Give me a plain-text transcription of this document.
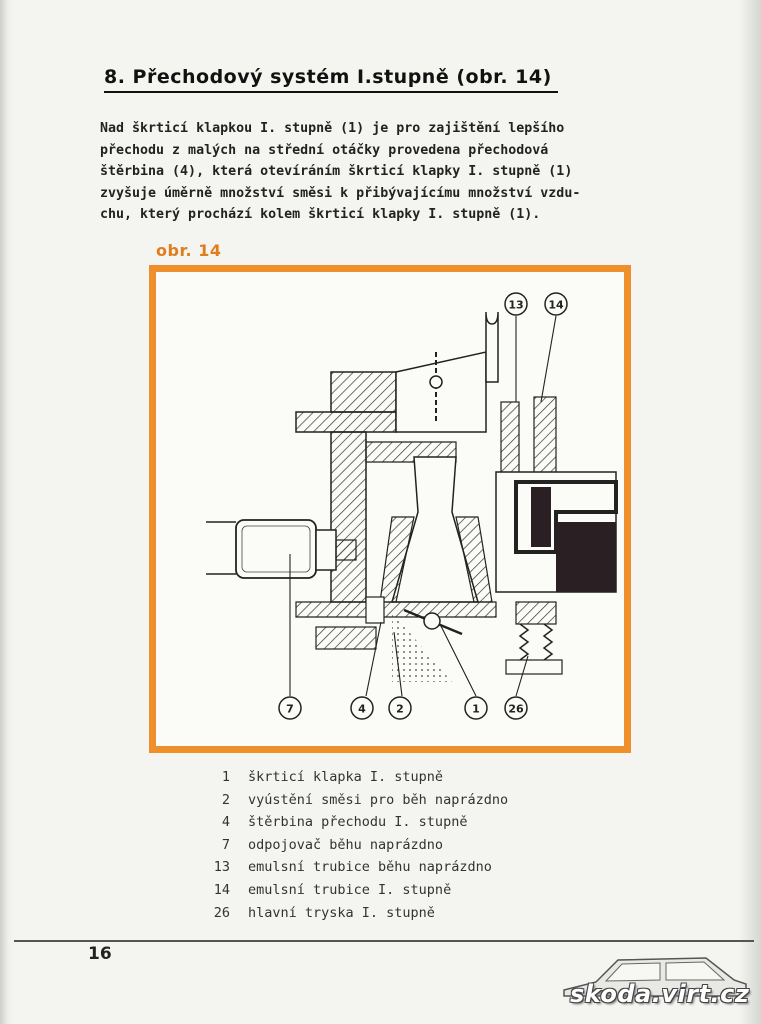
8. Přechodový systém I.stupně (obr. 14)
Nad škrticí klapkou I. stupně (1) je pro zajištění lepšího
přechodu z malých na střední otáčky provedena přechodová
štěrbina (4), která otevíráním škrticí klapky I. stupně (1)
zvyšuje úměrně množství směsi k přibývajícímu množství vzdu-
chu, který prochází kolem škrticí klapky I. stupně (1).
obr. 14
13 14
7	4	2	1	26
1 škrticí klapka I. stupně
2 vyústění směsi pro běh naprázdno
4 štěrbina přechodu I. stupně
7 odpojovač běhu naprázdno
13 emulsní trubice běhu naprázdno
14 emulsní trubice I. stupně
26 hlavní tryska I. stupně
16
skoda.virt.cz
